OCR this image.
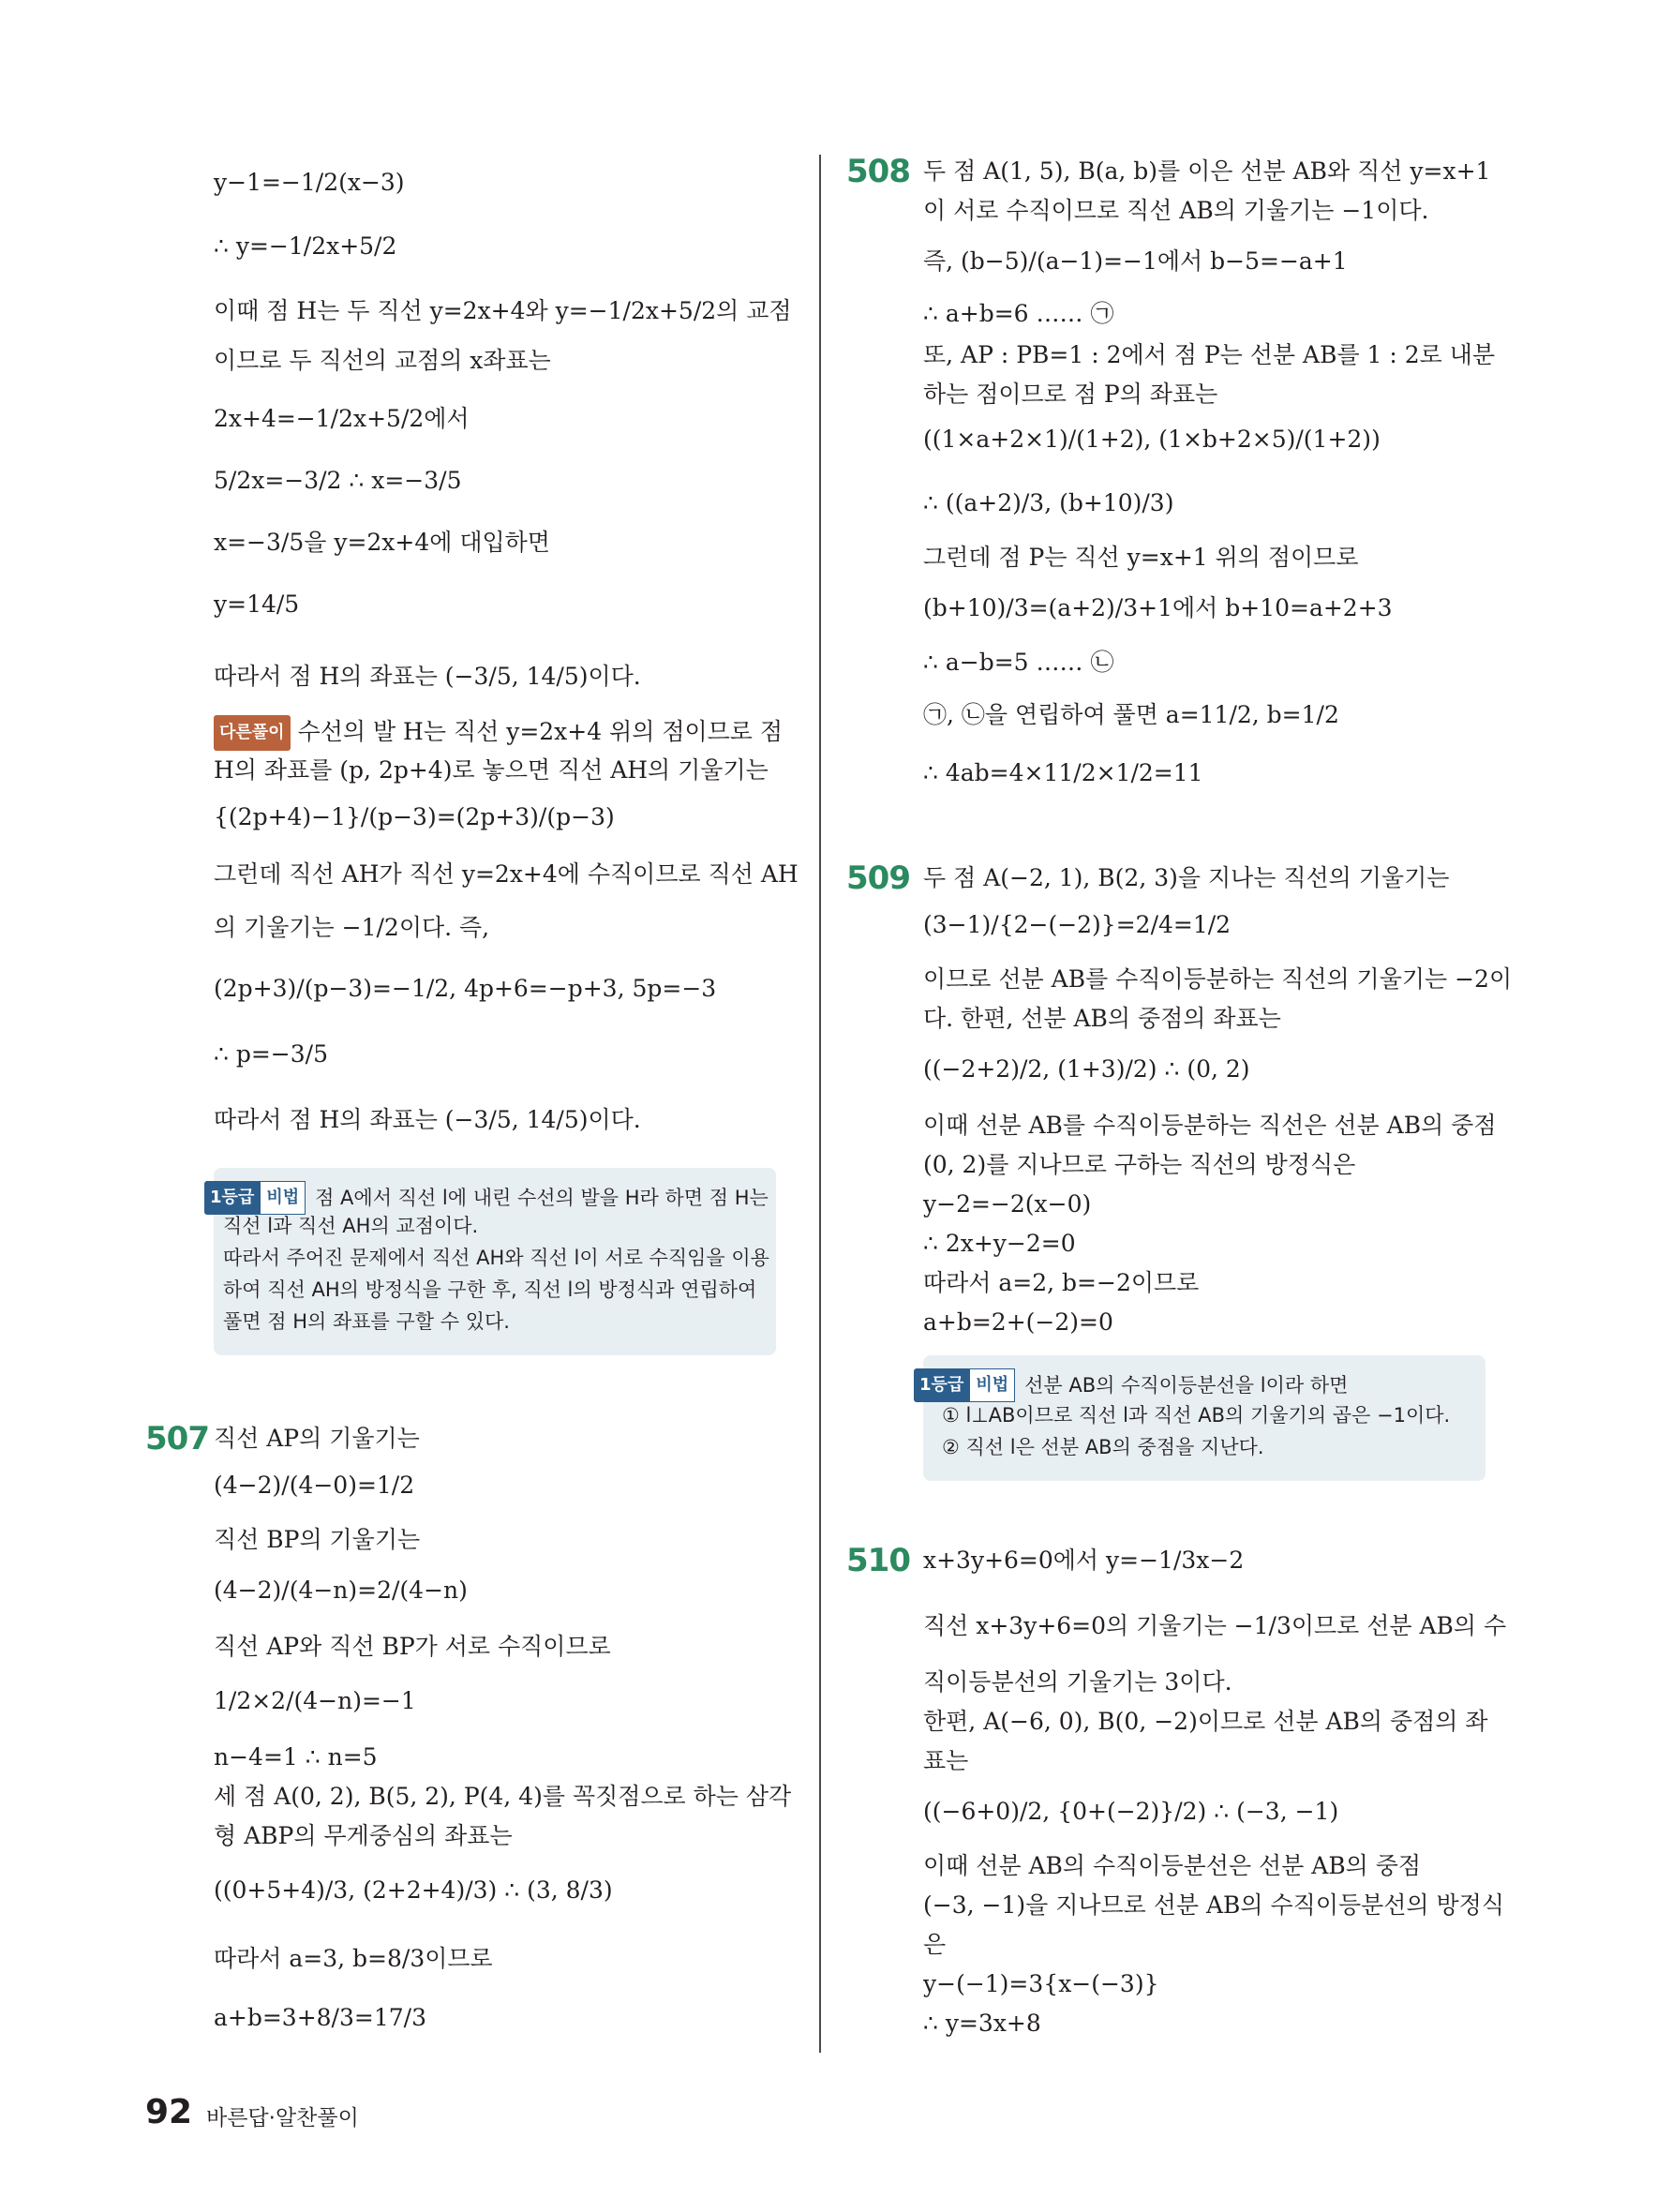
y−1=−1/2(x−3)
∴ y=−1/2x+5/2
이때 점 H는 두 직선 y=2x+4와 y=−1/2x+5/2의 교점
이므로 두 직선의 교점의 x좌표는
2x+4=−1/2x+5/2에서
5/2x=−3/2 ∴ x=−3/5
x=−3/5을 y=2x+4에 대입하면
y=14/5
따라서 점 H의 좌표는 (−3/5, 14/5)이다.
다른풀이 수선의 발 H는 직선 y=2x+4 위의 점이므로 점
H의 좌표를 (p, 2p+4)로 놓으면 직선 AH의 기울기는
{(2p+4)−1}/(p−3)=(2p+3)/(p−3)
그런데 직선 AH가 직선 y=2x+4에 수직이므로 직선 AH
의 기울기는 −1/2이다. 즉,
(2p+3)/(p−3)=−1/2, 4p+6=−p+3, 5p=−3
∴ p=−3/5
따라서 점 H의 좌표는 (−3/5, 14/5)이다.
1등급 비법 점 A에서 직선 l에 내린 수선의 발을 H라 하면 점 H는
직선 l과 직선 AH의 교점이다.
따라서 주어진 문제에서 직선 AH와 직선 l이 서로 수직임을 이용
하여 직선 AH의 방정식을 구한 후, 직선 l의 방정식과 연립하여
풀면 점 H의 좌표를 구할 수 있다.
507 직선 AP의 기울기는
(4−2)/(4−0)=1/2
직선 BP의 기울기는
(4−2)/(4−n)=2/(4−n)
직선 AP와 직선 BP가 서로 수직이므로
1/2×2/(4−n)=−1
n−4=1 ∴ n=5
세 점 A(0, 2), B(5, 2), P(4, 4)를 꼭짓점으로 하는 삼각
형 ABP의 무게중심의 좌표는
((0+5+4)/3, (2+2+4)/3) ∴ (3, 8/3)
따라서 a=3, b=8/3이므로
a+b=3+8/3=17/3
508 두 점 A(1, 5), B(a, b)를 이은 선분 AB와 직선 y=x+1
이 서로 수직이므로 직선 AB의 기울기는 −1이다.
즉, (b−5)/(a−1)=−1에서 b−5=−a+1
∴ a+b=6 …… ㉠
또, AP : PB=1 : 2에서 점 P는 선분 AB를 1 : 2로 내분
하는 점이므로 점 P의 좌표는
((1×a+2×1)/(1+2), (1×b+2×5)/(1+2))
∴ ((a+2)/3, (b+10)/3)
그런데 점 P는 직선 y=x+1 위의 점이므로
(b+10)/3=(a+2)/3+1에서 b+10=a+2+3
∴ a−b=5 …… ㉡
㉠, ㉡을 연립하여 풀면 a=11/2, b=1/2
∴ 4ab=4×11/2×1/2=11
509 두 점 A(−2, 1), B(2, 3)을 지나는 직선의 기울기는
(3−1)/{2−(−2)}=2/4=1/2
이므로 선분 AB를 수직이등분하는 직선의 기울기는 −2이
다. 한편, 선분 AB의 중점의 좌표는
((−2+2)/2, (1+3)/2) ∴ (0, 2)
이때 선분 AB를 수직이등분하는 직선은 선분 AB의 중점
(0, 2)를 지나므로 구하는 직선의 방정식은
y−2=−2(x−0)
∴ 2x+y−2=0
따라서 a=2, b=−2이므로
a+b=2+(−2)=0
1등급 비법 선분 AB의 수직이등분선을 l이라 하면
① l⊥AB이므로 직선 l과 직선 AB의 기울기의 곱은 −1이다.
② 직선 l은 선분 AB의 중점을 지난다.
510 x+3y+6=0에서 y=−1/3x−2
직선 x+3y+6=0의 기울기는 −1/3이므로 선분 AB의 수
직이등분선의 기울기는 3이다.
한편, A(−6, 0), B(0, −2)이므로 선분 AB의 중점의 좌
표는
((−6+0)/2, {0+(−2)}/2) ∴ (−3, −1)
이때 선분 AB의 수직이등분선은 선분 AB의 중점
(−3, −1)을 지나므로 선분 AB의 수직이등분선의 방정식
은
y−(−1)=3{x−(−3)}
∴ y=3x+8
92 바른답·알찬풀이
